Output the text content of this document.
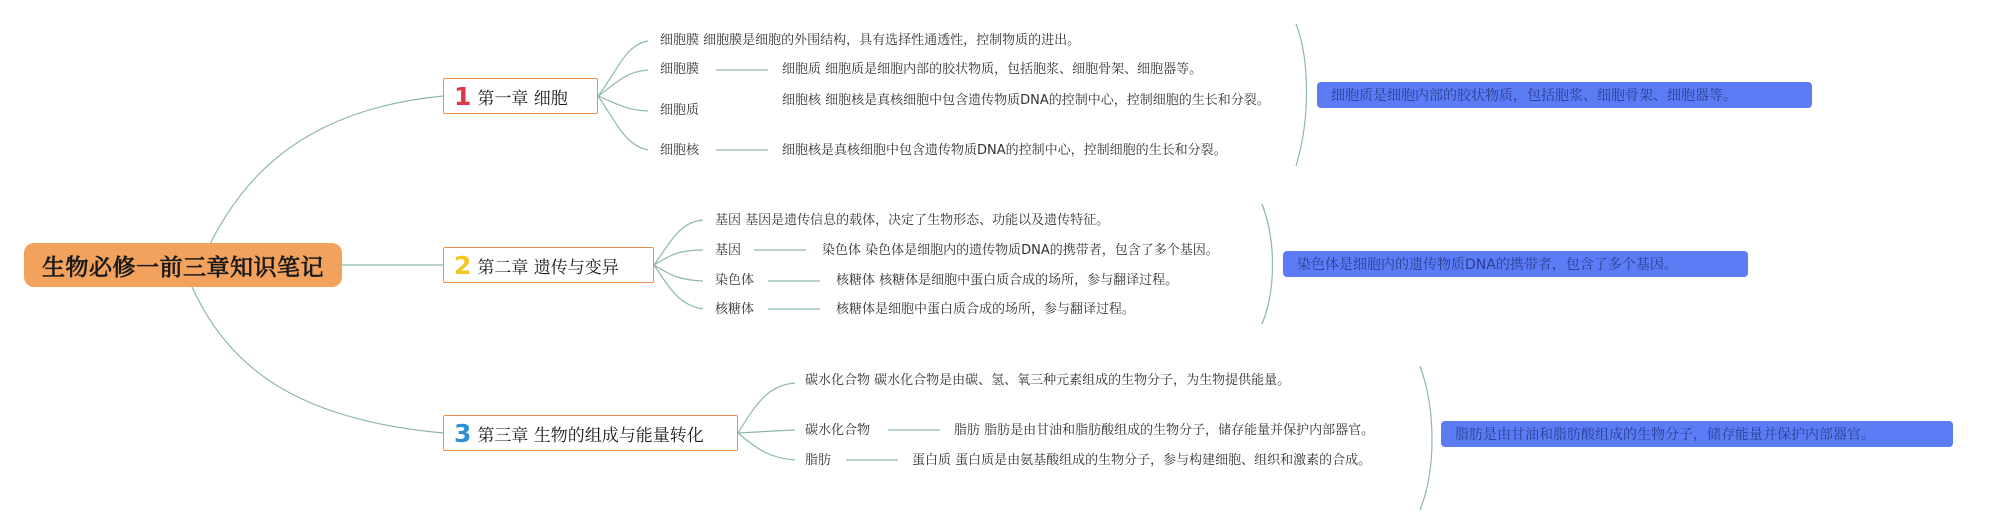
生物必修一前三章知识笔记
1 第一章 细胞
细胞膜 细胞膜是细胞的外围结构，具有选择性通透性，控制物质的进出。
细胞膜	细胞质 细胞质是细胞内部的胶状物质，包括胞浆、细胞骨架、细胞器等。
细胞质
细胞核 细胞核是真核细胞中包含遗传物质DNA的控制中心，控制细胞的生长和分裂。
细胞核	细胞核是真核细胞中包含遗传物质DNA的控制中心，控制细胞的生长和分裂。
细胞质是细胞内部的胶状物质，包括胞浆、细胞骨架、细胞器等。
2 第二章 遗传与变异
基因 基因是遗传信息的载体，决定了生物形态、功能以及遗传特征。
基因	染色体 染色体是细胞内的遗传物质DNA的携带者，包含了多个基因。
染色体	核糖体 核糖体是细胞中蛋白质合成的场所，参与翻译过程。
核糖体	核糖体是细胞中蛋白质合成的场所，参与翻译过程。
染色体是细胞内的遗传物质DNA的携带者，包含了多个基因。
3 第三章 生物的组成与能量转化
碳水化合物 碳水化合物是由碳、氢、氧三种元素组成的生物分子，为生物提供能量。
碳水化合物	脂肪 脂肪是由甘油和脂肪酸组成的生物分子，储存能量并保护内部器官。
脂肪	蛋白质 蛋白质是由氨基酸组成的生物分子，参与构建细胞、组织和激素的合成。
脂肪是由甘油和脂肪酸组成的生物分子，储存能量并保护内部器官。
